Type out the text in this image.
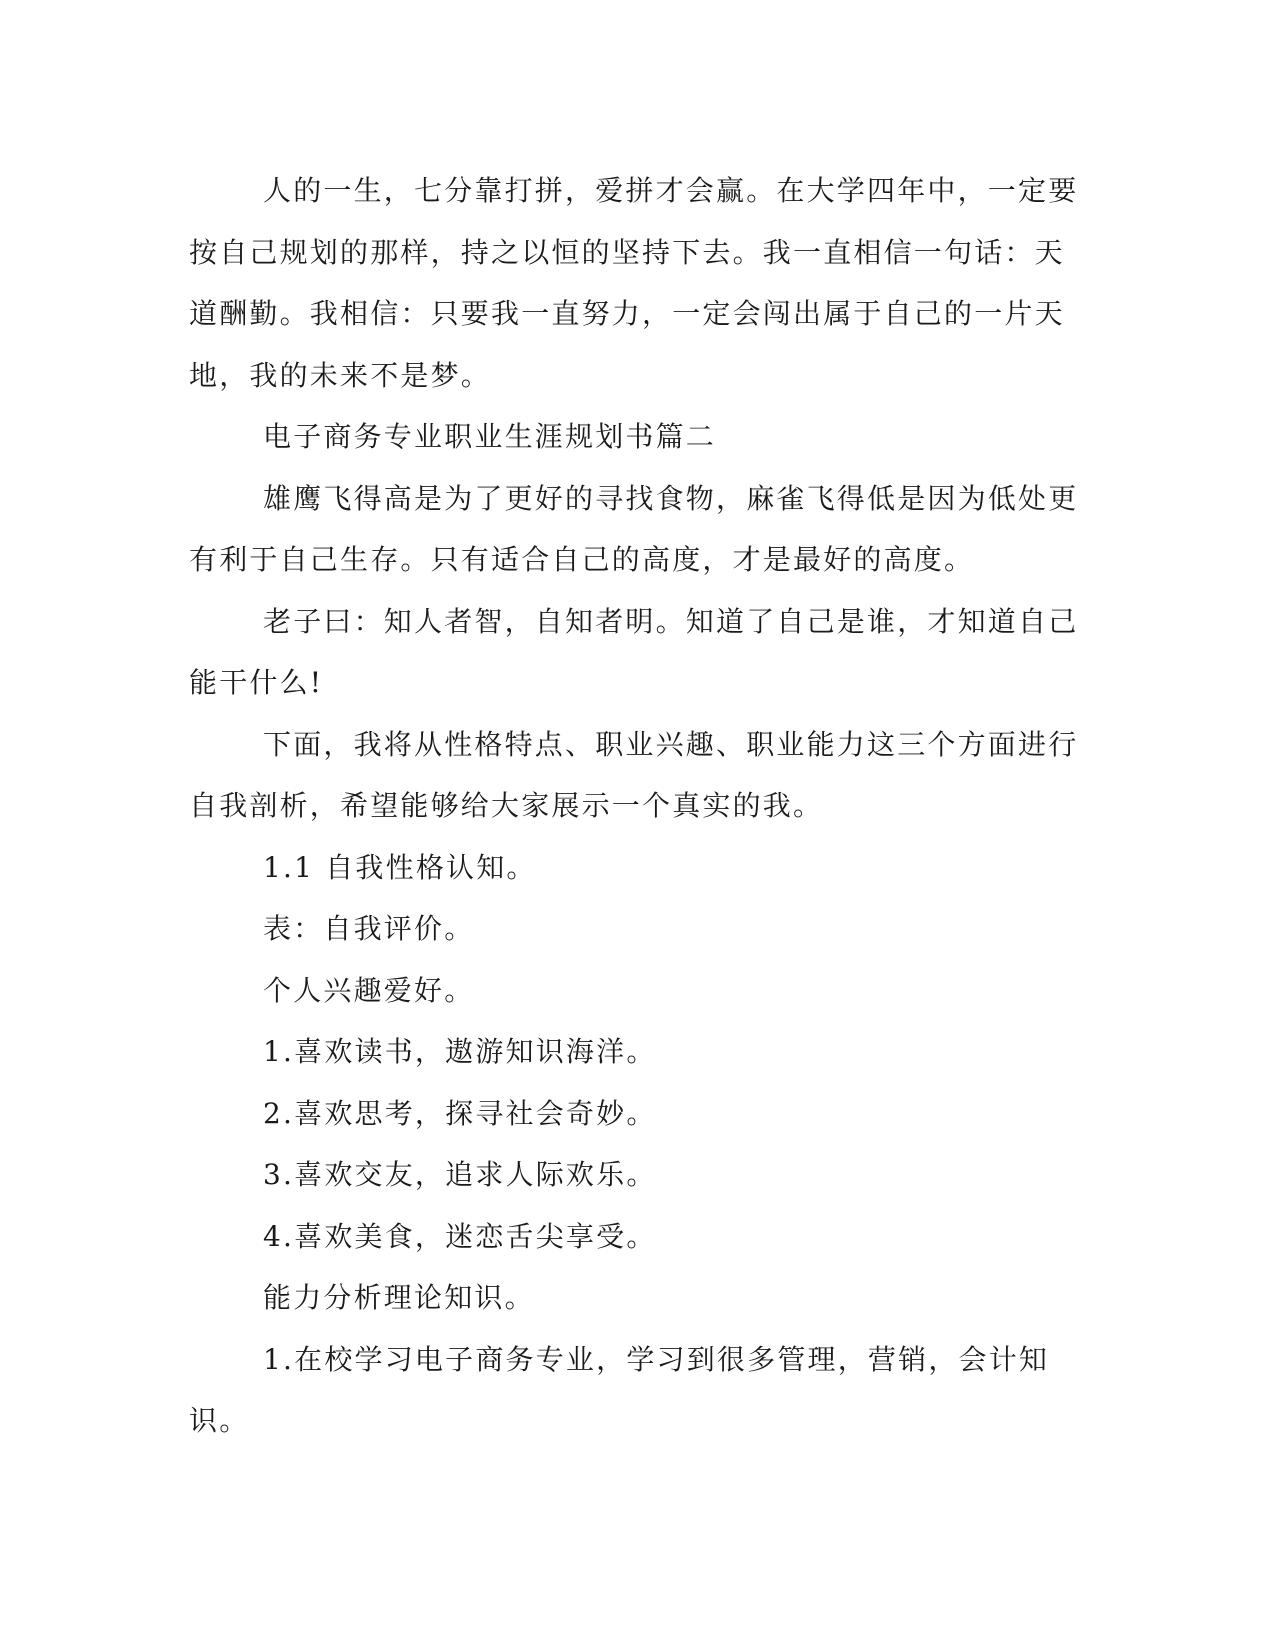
人的一生，七分靠打拼，爱拼才会赢。在大学四年中，一定要按自己规划的那样，持之以恒的坚持下去。我一直相信一句话：天道酬勤。我相信：只要我一直努力，一定会闯出属于自己的一片天地，我的未来不是梦。

电子商务专业职业生涯规划书篇二

雄鹰飞得高是为了更好的寻找食物，麻雀飞得低是因为低处更有利于自己生存。只有适合自己的高度，才是最好的高度。

老子曰：知人者智，自知者明。知道了自己是谁，才知道自己能干什么!

下面，我将从性格特点、职业兴趣、职业能力这三个方面进行自我剖析，希望能够给大家展示一个真实的我。

1.1 自我性格认知。

表：自我评价。

个人兴趣爱好。

1.喜欢读书，遨游知识海洋。

2.喜欢思考，探寻社会奇妙。

3.喜欢交友，追求人际欢乐。

4.喜欢美食，迷恋舌尖享受。

能力分析理论知识。

1.在校学习电子商务专业，学习到很多管理，营销，会计知识。
